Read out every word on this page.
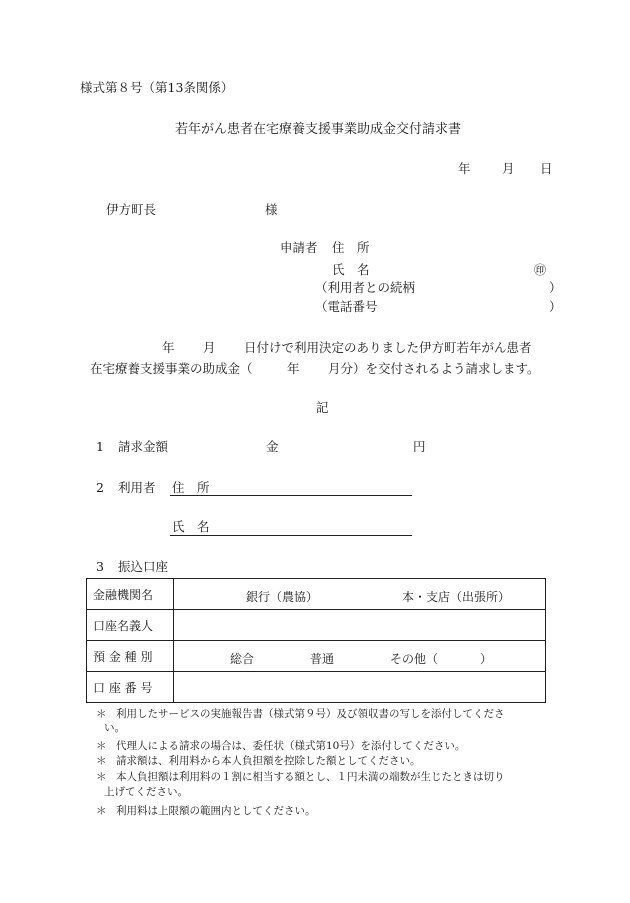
様式第８号（第13条関係）
若年がん患者在宅療養支援事業助成金交付請求書
年	月 日
伊方町長	様
申請者 住　所
氏　名	㊞
（利用者との続柄	）
（電話番号	）
年 月 日付けで利用決定のありました伊方町若年がん患者
在宅療養支援事業の助成金（	年 月分）を交付されるよう請求します。
記
1 請求金額	金	円
2 利用者 住　所
氏　名
3 振込口座
金融機関名	銀行（農協） 本・支店（出張所）

口座名義人	
預 金 種 別	総合 普通 その他（ ）

口 座 番 号	
＊ 利用したサービスの実施報告書（様式第９号）及び領収書の写しを添付してくださ
い。
＊ 代理人による請求の場合は、委任状（様式第10号）を添付してください。
＊ 請求額は、利用料から本人負担額を控除した額としてください。
＊ 本人負担額は利用料の１割に相当する額とし、１円未満の端数が生じたときは切り
上げてください。
＊ 利用料は上限額の範囲内としてください。
